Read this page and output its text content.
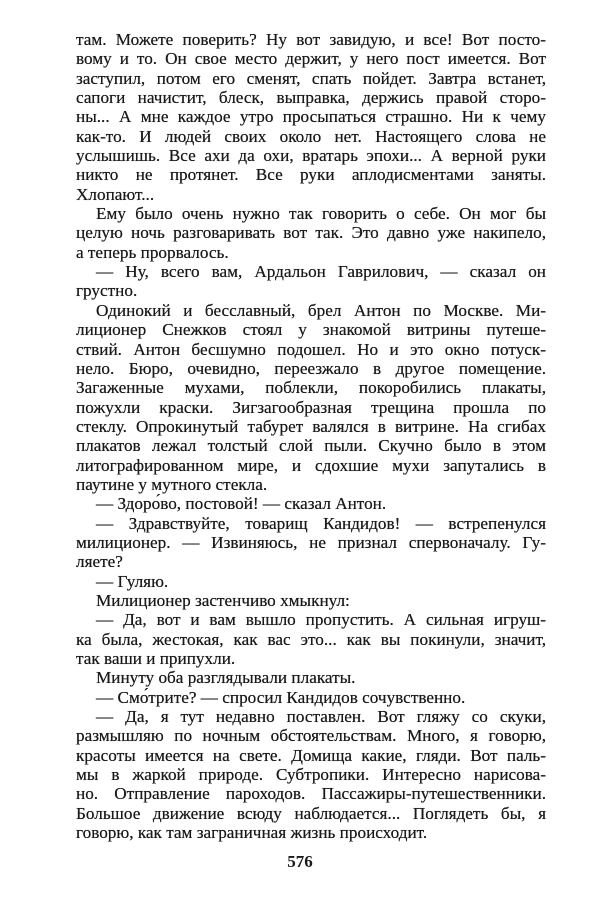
там. Можете поверить? Ну вот завидую, и все! Вот посто-
вому и то. Он свое место держит, у него пост имеется. Вот
заступил, потом его сменят, спать пойдет. Завтра встанет,
сапоги начистит, блеск, выправка, держись правой сторо-
ны... А мне каждое утро просыпаться страшно. Ни к чему
как-то. И людей своих около нет. Настоящего слова не
услышишь. Все ахи да охи, вратарь эпохи... А верной руки
никто не протянет. Все руки аплодисментами заняты.
Хлопают...
Ему было очень нужно так говорить о себе. Он мог бы
целую ночь разговаривать вот так. Это давно уже накипело,
а теперь прорвалось.
— Ну, всего вам, Ардальон Гаврилович, — сказал он
грустно.
Одинокий и бесславный, брел Антон по Москве. Ми-
лиционер Снежков стоял у знакомой витрины путеше-
ствий. Антон бесшумно подошел. Но и это окно потуск-
нело. Бюро, очевидно, переезжало в другое помещение.
Загаженные мухами, поблекли, покоробились плакаты,
пожухли краски. Зигзагообразная трещина прошла по
стеклу. Опрокинутый табурет валялся в витрине. На сгибах
плакатов лежал толстый слой пыли. Скучно было в этом
литографированном мире, и сдохшие мухи запутались в
паутине у мутного стекла.
— Здоро́во, постовой! — сказал Антон.
— Здравствуйте, товарищ Кандидов! — встрепенулся
милиционер. — Извиняюсь, не признал спервоначалу. Гу-
ляете?
— Гуляю.
Милиционер застенчиво хмыкнул:
— Да, вот и вам вышло пропустить. А сильная игруш-
ка была, жестокая, как вас это... как вы покинули, значит,
так ваши и припухли.
Минуту оба разглядывали плакаты.
— Смо́трите? — спросил Кандидов сочувственно.
— Да, я тут недавно поставлен. Вот гляжу со скуки,
размышляю по ночным обстоятельствам. Много, я говорю,
красоты имеется на свете. Домища какие, гляди. Вот паль-
мы в жаркой природе. Субтропики. Интересно нарисова-
но. Отправление пароходов. Пассажиры-путешественники.
Большое движение всюду наблюдается... Поглядеть бы, я
говорю, как там заграничная жизнь происходит.
576
